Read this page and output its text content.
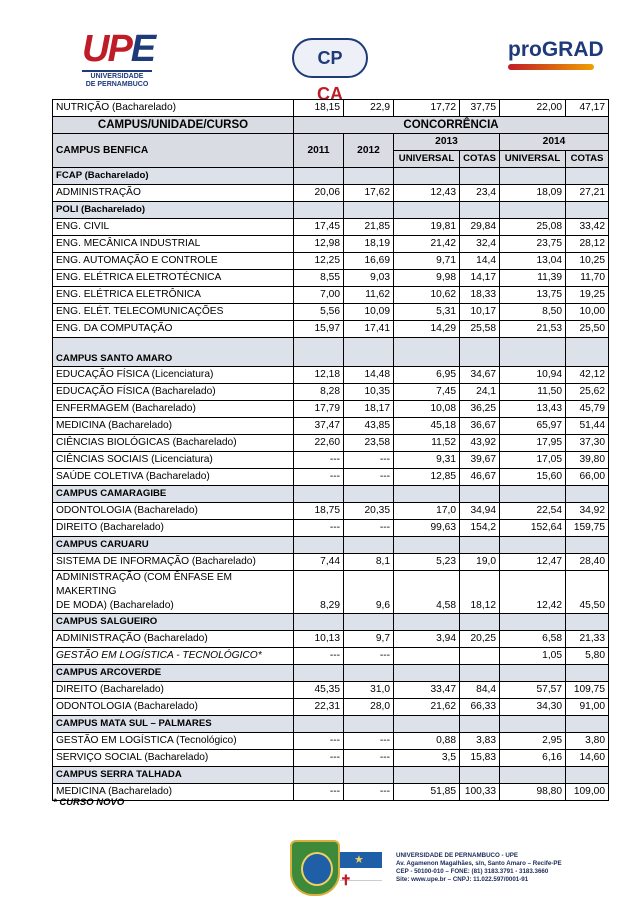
UPE
UNIVERSIDADE
DE PERNAMBUCO
CP
CA
proGRAD
NUTRIÇÃO (Bacharelado)	18,15	22,9	17,72	37,75	22,00	47,17
CAMPUS/UNIDADE/CURSO	CONCORRÊNCIA					
CAMPUS BENFICA	2011	2012	2013		2014	
			UNIVERSAL	COTAS	UNIVERSAL	COTAS
FCAP (Bacharelado)						
ADMINISTRAÇÃO	20,06	17,62	12,43	23,4	18,09	27,21
POLI (Bacharelado)						
ENG. CIVIL	17,45	21,85	19,81	29,84	25,08	33,42
ENG. MECÂNICA INDUSTRIAL	12,98	18,19	21,42	32,4	23,75	28,12
ENG. AUTOMAÇÃO E CONTROLE	12,25	16,69	9,71	14,4	13,04	10,25
ENG. ELÉTRICA ELETROTÉCNICA	8,55	9,03	9,98	14,17	11,39	11,70
ENG. ELÉTRICA ELETRÔNICA	7,00	11,62	10,62	18,33	13,75	19,25
ENG. ELÉT. TELECOMUNICAÇÕES	5,56	10,09	5,31	10,17	8,50	10,00
ENG. DA COMPUTAÇÃO	15,97	17,41	14,29	25,58	21,53	25,50
CAMPUS SANTO AMARO						
EDUCAÇÃO FÍSICA (Licenciatura)	12,18	14,48	6,95	34,67	10,94	42,12
EDUCAÇÃO FÍSICA (Bacharelado)	8,28	10,35	7,45	24,1	11,50	25,62
ENFERMAGEM (Bacharelado)	17,79	18,17	10,08	36,25	13,43	45,79
MEDICINA (Bacharelado)	37,47	43,85	45,18	36,67	65,97	51,44
CIÊNCIAS BIOLÓGICAS (Bacharelado)	22,60	23,58	11,52	43,92	17,95	37,30
CIÊNCIAS SOCIAIS (Licenciatura)	---	---	9,31	39,67	17,05	39,80
SAÚDE COLETIVA (Bacharelado)	---	---	12,85	46,67	15,60	66,00
CAMPUS CAMARAGIBE						
ODONTOLOGIA (Bacharelado)	18,75	20,35	17,0	34,94	22,54	34,92
DIREITO (Bacharelado)	---	---	99,63	154,2	152,64	159,75
CAMPUS CARUARU						
SISTEMA DE INFORMAÇÃO (Bacharelado)	7,44	8,1	5,23	19,0	12,47	28,40

ADMINISTRAÇÃO (COM ÊNFASE EM MAKERTING
DE MODA) (Bacharelado)	8,29	9,6	4,58	18,12	12,42	45,50
CAMPUS SALGUEIRO						
ADMINISTRAÇÃO (Bacharelado)	10,13	9,7	3,94	20,25	6,58	21,33
GESTÃO EM LOGÍSTICA - TECNOLÓGICO*	---	---			1,05	5,80
CAMPUS ARCOVERDE						
DIREITO (Bacharelado)	45,35	31,0	33,47	84,4	57,57	109,75
ODONTOLOGIA (Bacharelado)	22,31	28,0	21,62	66,33	34,30	91,00
CAMPUS MATA SUL – PALMARES						
GESTÃO EM LOGÍSTICA (Tecnológico)	---	---	0,88	3,83	2,95	3,80
SERVIÇO SOCIAL (Bacharelado)	---	---	3,5	15,83	6,16	14,60
CAMPUS SERRA TALHADA						
MEDICINA (Bacharelado)	---	---	51,85	100,33	98,80	109,00
* CURSO NOVO
★
✝
UNIVERSIDADE DE PERNAMBUCO - UPE
Av. Agamenon Magalhães, s/n, Santo Amaro – Recife-PE
CEP - 50100-010 – FONE: (81) 3183.3791 - 3183.3660
Site: www.upe.br – CNPJ: 11.022.597/0001-91
